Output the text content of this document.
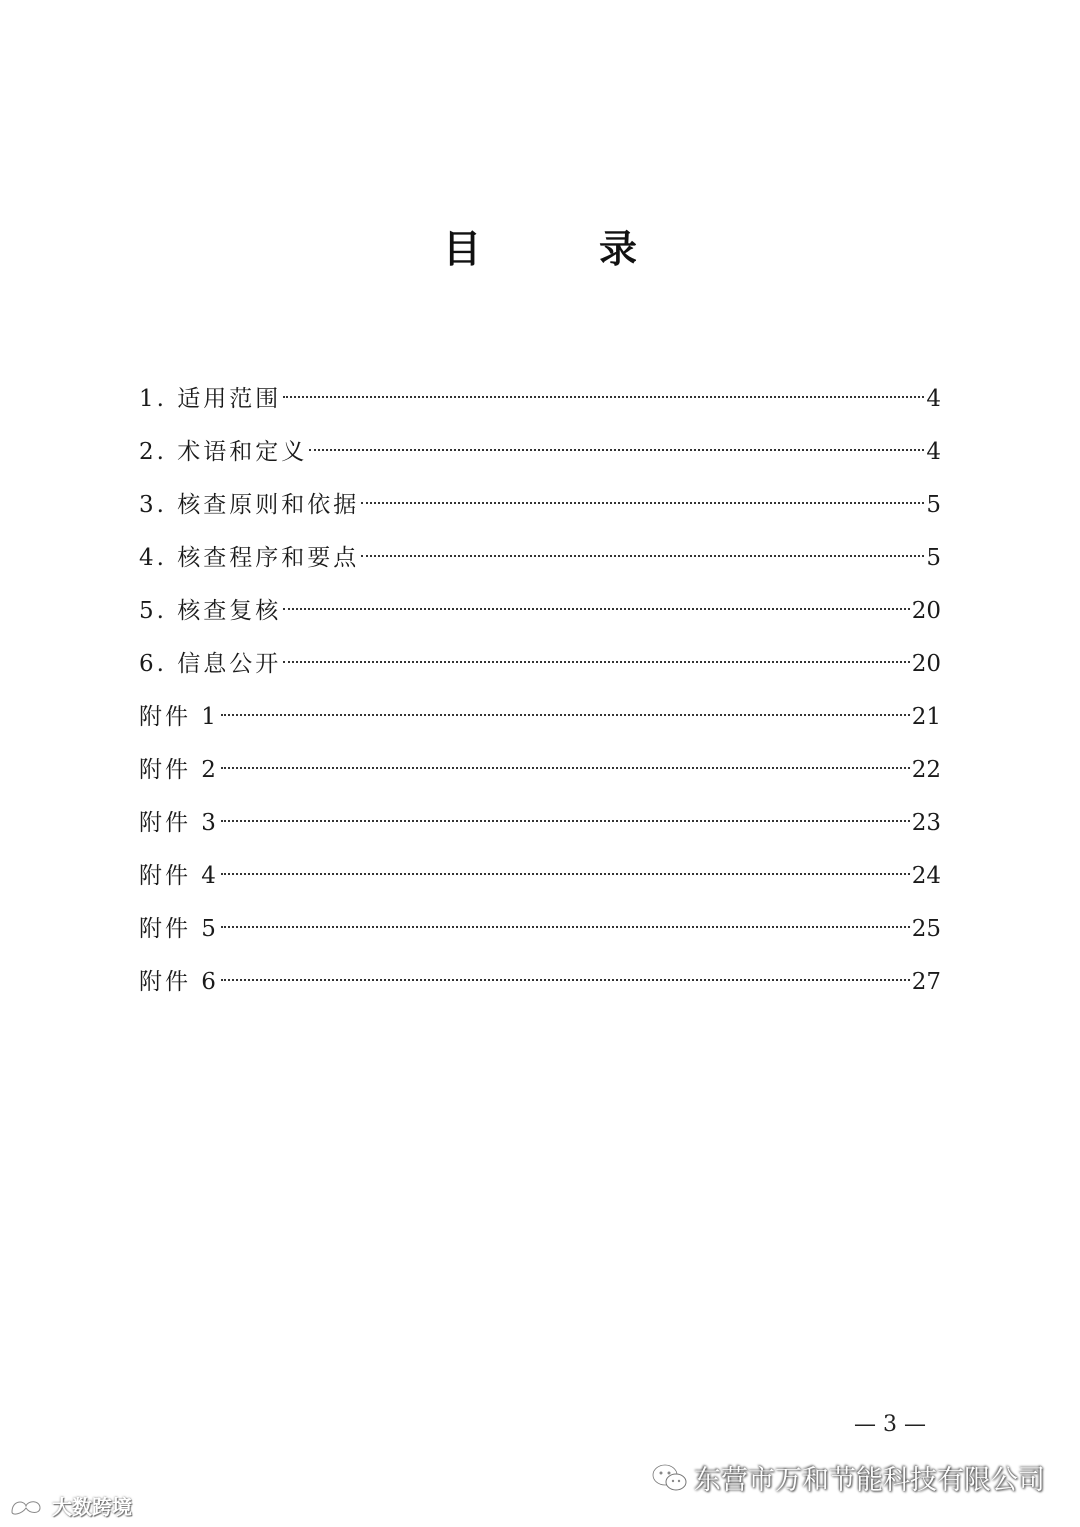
目　录
1. 适用范围	4
2. 术语和定义	4
3. 核查原则和依据	5
4. 核查程序和要点	5
5. 核查复核	20
6. 信息公开	20
附件 1	21
附件 2	22
附件 3	23
附件 4	24
附件 5	25
附件 6	27
— 3 —
东营市万和节能科技有限公司
大数跨境
